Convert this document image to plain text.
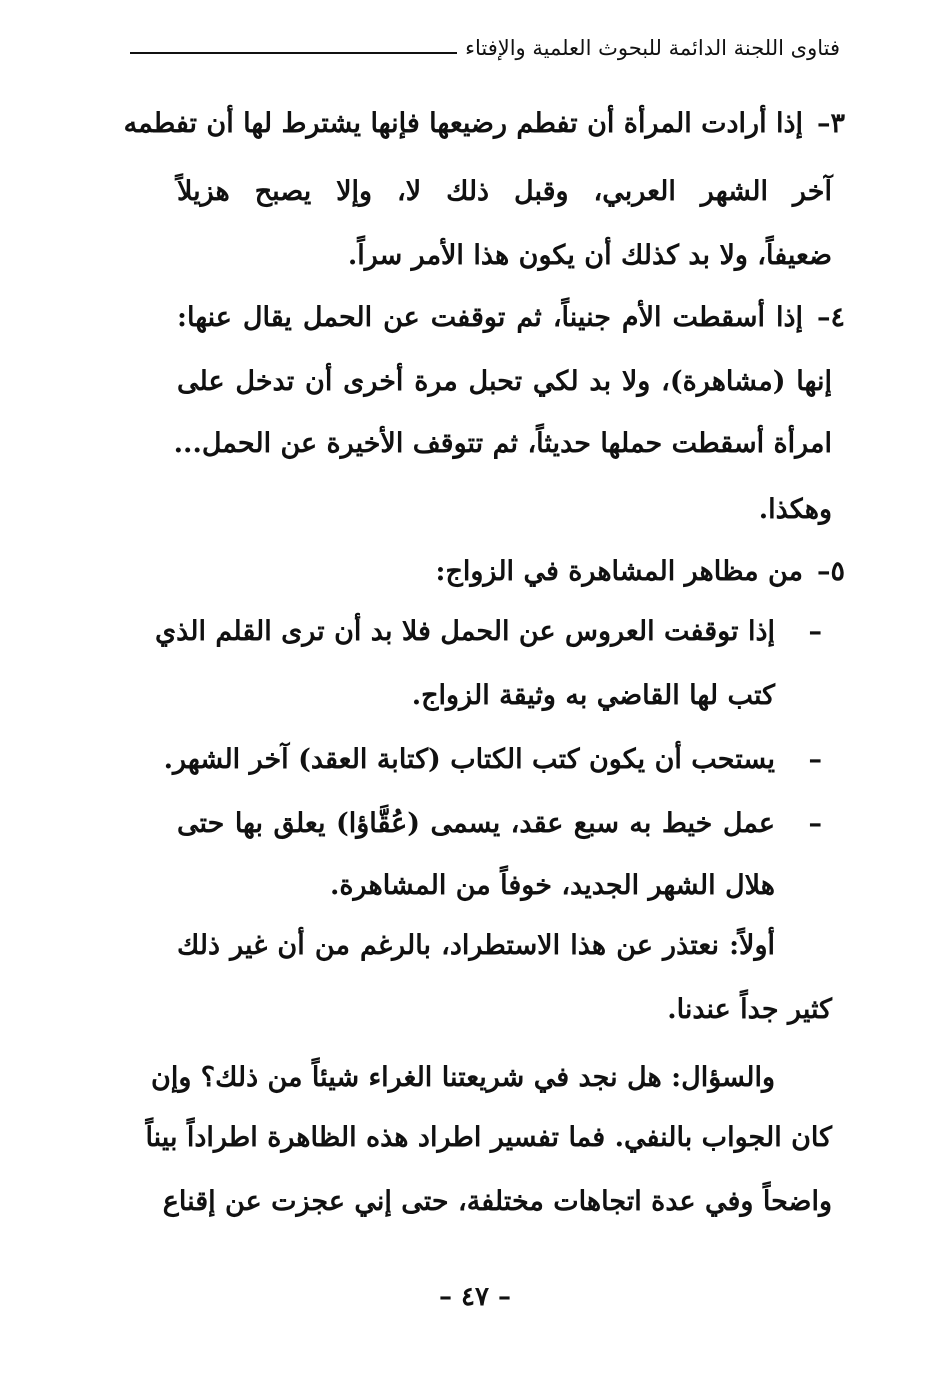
فتاوى اللجنة الدائمة للبحوث العلمية والإفتاء
٣–إذا أرادت المرأة أن تفطم رضيعها فإنها يشترط لها أن تفطمه
آخر الشهر العربي، وقبل ذلك لا، وإلا يصبح هزيلاً
ضعيفاً، ولا بد كذلك أن يكون هذا الأمر سراً.
٤–إذا أسقطت الأم جنيناً، ثم توقفت عن الحمل يقال عنها:
إنها (مشاهرة)، ولا بد لكي تحبل مرة أخرى أن تدخل على
امرأة أسقطت حملها حديثاً، ثم تتوقف الأخيرة عن الحمل...
وهكذا.
٥–من مظاهر المشاهرة في الزواج:
–
إذا توقفت العروس عن الحمل فلا بد أن ترى القلم الذي
كتب لها القاضي به وثيقة الزواج.
–
يستحب أن يكون كتب الكتاب (كتابة العقد) آخر الشهر.
–
عمل خيط به سبع عقد، يسمى (عُقَّاؤا) يعلق بها حتى
هلال الشهر الجديد، خوفاً من المشاهرة.
أولاً: نعتذر عن هذا الاستطراد، بالرغم من أن غير ذلك
كثير جداً عندنا.
والسؤال: هل نجد في شريعتنا الغراء شيئاً من ذلك؟ وإن
كان الجواب بالنفي. فما تفسير اطراد هذه الظاهرة اطراداً بيناً
واضحاً وفي عدة اتجاهات مختلفة، حتى إني عجزت عن إقناع
– ٤٧ –
